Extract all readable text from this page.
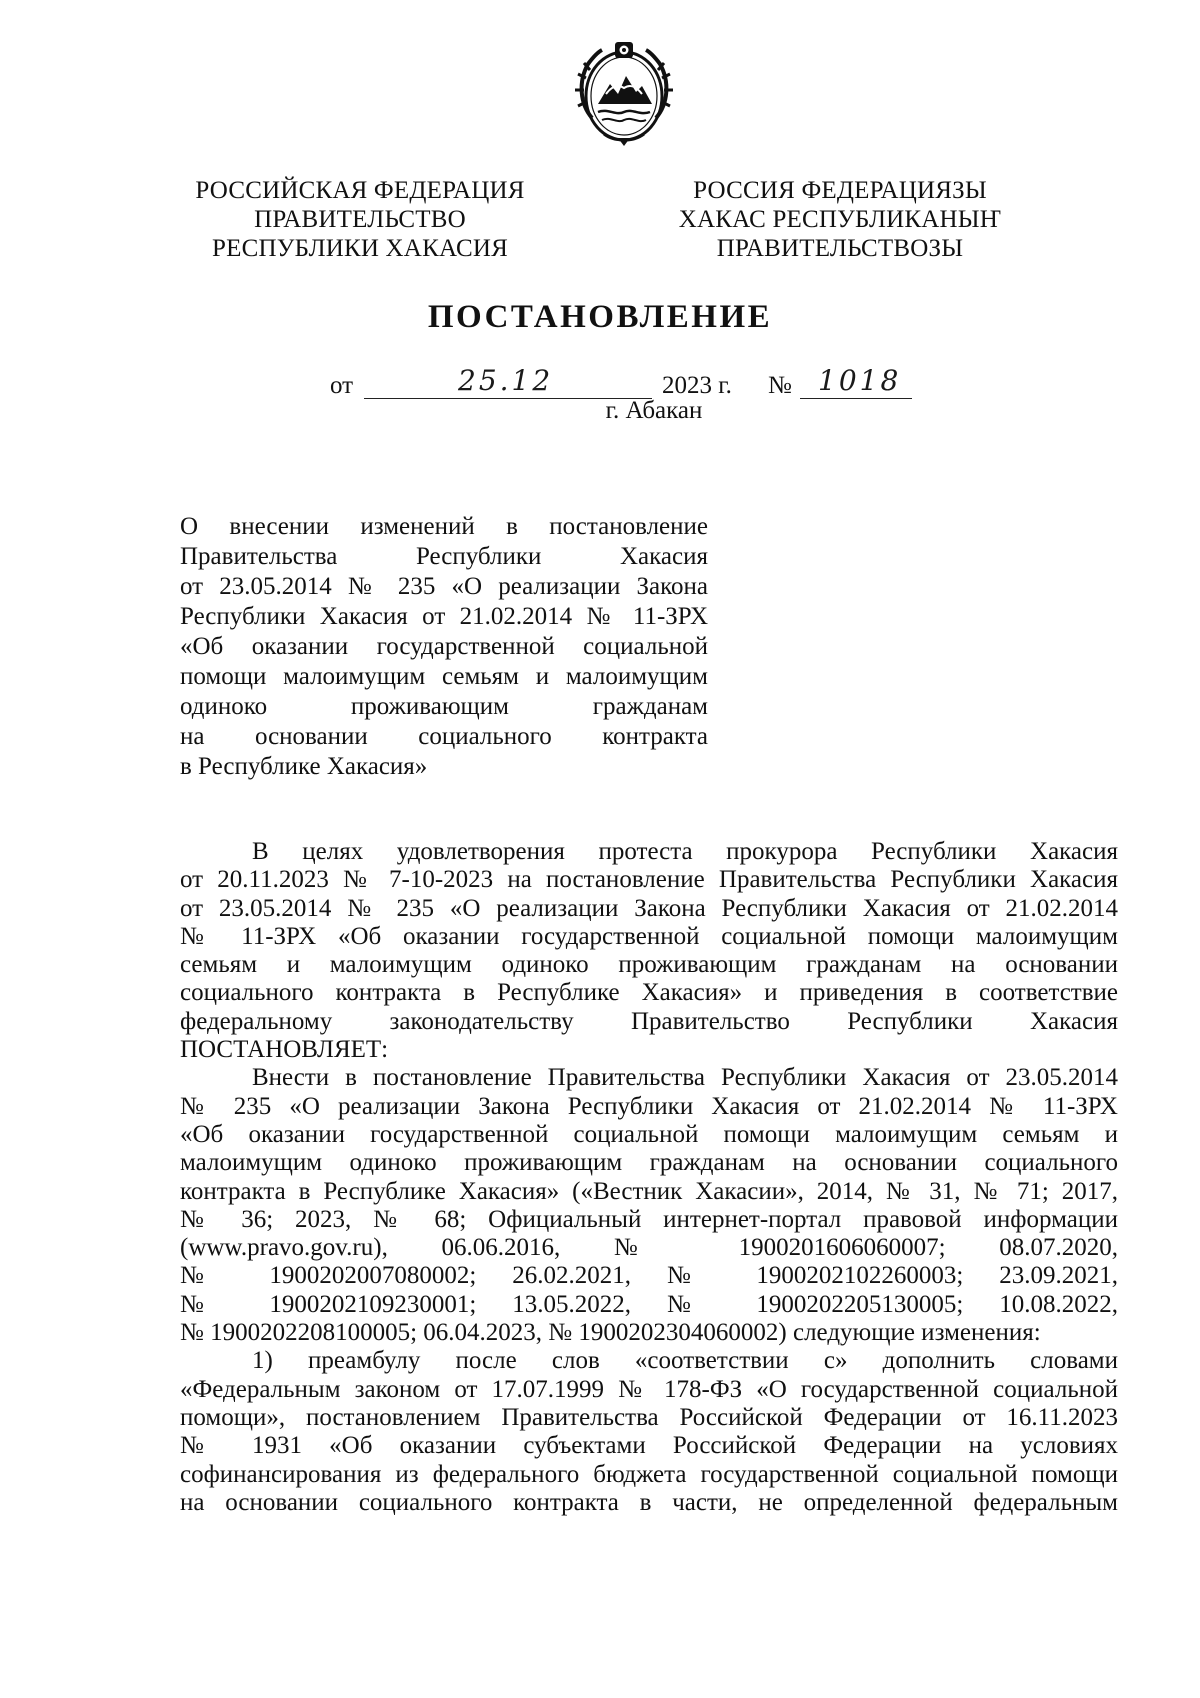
РОССИЙСКАЯ ФЕДЕРАЦИЯ
ПРАВИТЕЛЬСТВО
РЕСПУБЛИКИ ХАКАСИЯ
РОССИЯ ФЕДЕРАЦИЯЗЫ
ХАКАС РЕСПУБЛИКАНЫҤ
ПРАВИТЕЛЬСТВОЗЫ
ПОСТАНОВЛЕНИЕ
от	25.12	2023 г. № 1018
г. Абакан
О внесении изменений в постановление
Правительства Республики Хакасия
от 23.05.2014 № 235 «О реализации Закона
Республики Хакасия от 21.02.2014 № 11-ЗРХ
«Об оказании государственной социальной
помощи малоимущим семьям и малоимущим
одиноко проживающим гражданам
на основании социального контракта
в Республике Хакасия»
В целях удовлетворения протеста прокурора Республики Хакасия
от 20.11.2023 № 7-10-2023 на постановление Правительства Республики Хакасия
от 23.05.2014 № 235 «О реализации Закона Республики Хакасия от 21.02.2014
№ 11-ЗРХ «Об оказании государственной социальной помощи малоимущим
семьям и малоимущим одиноко проживающим гражданам на основании
социального контракта в Республике Хакасия» и приведения в соответствие
федеральному законодательству Правительство Республики Хакасия
ПОСТАНОВЛЯЕТ:
Внести в постановление Правительства Республики Хакасия от 23.05.2014
№ 235 «О реализации Закона Республики Хакасия от 21.02.2014 № 11-ЗРХ
«Об оказании государственной социальной помощи малоимущим семьям и
малоимущим одиноко проживающим гражданам на основании социального
контракта в Республике Хакасия» («Вестник Хакасии», 2014, № 31, № 71; 2017,
№ 36; 2023, № 68; Официальный интернет-портал правовой информации
(www.pravo.gov.ru), 06.06.2016, № 1900201606060007; 08.07.2020,
№ 1900202007080002; 26.02.2021, № 1900202102260003; 23.09.2021,
№ 1900202109230001; 13.05.2022, № 1900202205130005; 10.08.2022,
№ 1900202208100005; 06.04.2023, № 1900202304060002) следующие изменения:
1) преамбулу после слов «соответствии с» дополнить словами
«Федеральным законом от 17.07.1999 № 178-ФЗ «О государственной социальной
помощи», постановлением Правительства Российской Федерации от 16.11.2023
№ 1931 «Об оказании субъектами Российской Федерации на условиях
софинансирования из федерального бюджета государственной социальной помощи
на основании социального контракта в части, не определенной федеральным
